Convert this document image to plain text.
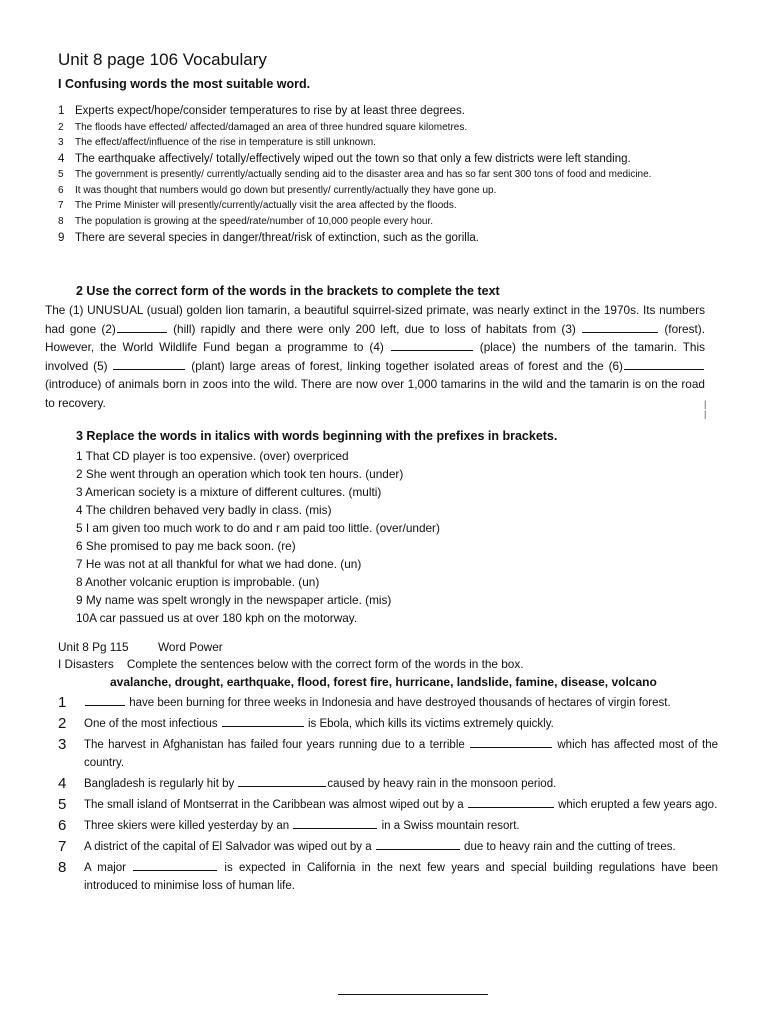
Unit 8 page 106 Vocabulary
I Confusing words the most suitable word.
1 Experts expect/hope/consider temperatures to rise by at least three degrees.
2	The floods have effected/ affected/damaged an area of three hundred square kilometres.
3	The effect/affect/influence of the rise in temperature is still unknown.
4 The earthquake affectively/ totally/effectively wiped out the town so that only a few districts were left standing.
5	The government is presently/ currently/actually sending aid to the disaster area and has so far sent 300 tons of food and medicine.
6	It was thought that numbers would go down but presently/ currently/actually they have gone up.
7	The Prime Minister will presently/currently/actually visit the area affected by the floods.
8	The population is growing at the speed/rate/number of 10,000 people every hour.
9 There are several species in danger/threat/risk of extinction, such as the gorilla.
2 Use the correct form of the words in the brackets to complete the text
The (1) UNUSUAL (usual) golden lion tamarin, a beautiful squirrel-sized primate, was nearly extinct in the 1970s. Its numbers had gone (2)	(hill) rapidly and there were only 200 left, due to loss of habitats from (3)	(forest). However, the World Wildlife Fund began a programme to (4)	(place) the numbers of the tamarin. This involved (5)	(plant) large areas of forest, linking together isolated areas of forest and the (6)(introduce) of animals born in zoos into the wild. There are now over 1,000 tamarins in the wild and the tamarin is on the road to recovery.	|
|
3 Replace the words in italics with words beginning with the prefixes in brackets.
1 That CD player is too expensive. (over) overpriced
2 She went through an operation which took ten hours. (under)
3 American society is a mixture of different cultures. (multi)
4 The children behaved very badly in class. (mis)
5 I am given too much work to do and r am paid too little. (over/under)
6 She promised to pay me back soon. (re)
7 He was not at all thankful for what we had done. (un)
8 Another volcanic eruption is improbable. (un)
9 My name was spelt wrongly in the newspaper article. (mis)
10A car passued us at over 180 kph on the motorway.
Unit 8 Pg 115 Word Power
I Disasters Complete the sentences below with the correct form of the words in the box.
avalanche, drought, earthquake, flood, forest fire, hurricane, landslide, famine, disease, volcano
1	have been burning for three weeks in Indonesia and have destroyed thousands of hectares of virgin forest.
2	One of the most infectious	is Ebola, which kills its victims extremely quickly.
3	The harvest in Afghanistan has failed four years running due to a terrible	which has affected most of the country.
4	Bangladesh is regularly hit by	caused by heavy rain in the monsoon period.
5	The small island of Montserrat in the Caribbean was almost wiped out by a	which erupted a few years ago.
6	Three skiers were killed yesterday by an	in a Swiss mountain resort.
7	A district of the capital of El Salvador was wiped out by a	due to heavy rain and the cutting of trees.
8	A major	is expected in California in the next few years and special building regulations have been introduced to minimise loss of human life.
